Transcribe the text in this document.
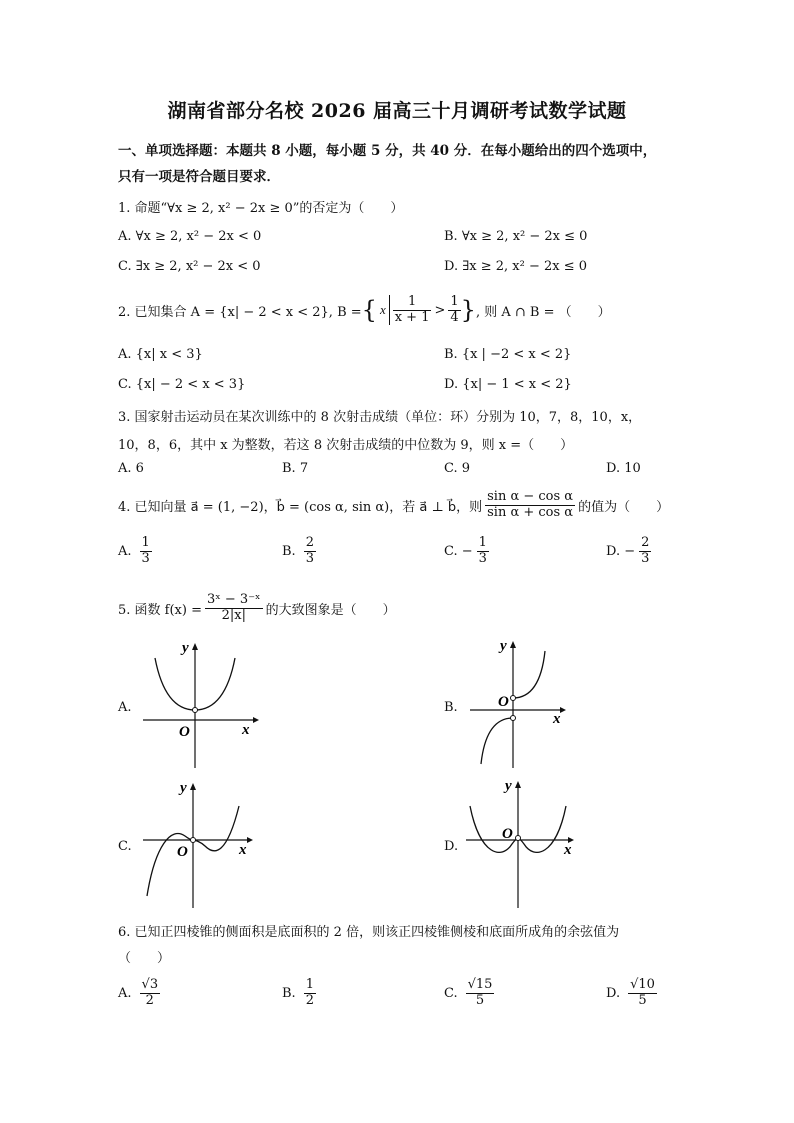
湖南省部分名校 2026 届高三十月调研考试数学试题
一、单项选择题：本题共 8 小题，每小题 5 分，共 40 分．在每小题给出的四个选项中，
只有一项是符合题目要求．
1. 命题“∀x ≥ 2, x² − 2x ≥ 0”的否定为（　　）
A. ∀x ≥ 2, x² − 2x < 0	B. ∀x ≥ 2, x² − 2x ≤ 0
C. ∃x ≥ 2, x² − 2x < 0	D. ∃x ≥ 2, x² − 2x ≤ 0
2. 已知集合 A = {x| − 2 < x < 2}, B = { x $\frac{1}{x + 1} > \frac{1}{4}$ } , 则 A ∩ B = （　　）
A. {x| x < 3}	B. {x | −2 < x < 2}
C. {x| − 2 < x < 3}	D. {x| − 1 < x < 2}
3. 国家射击运动员在某次训练中的 8 次射击成绩（单位：环）分别为 10，7，8，10，x，
10，8，6，其中 x 为整数，若这 8 次射击成绩的中位数为 9，则 x =（　　）
A. 6	B. 7	C. 9	D. 10
4. 已知向量 a⃗ = (1, −2)，b⃗ = (cos α, sin α)，若 a⃗ ⊥ b⃗，则 $\frac{\text{sin α − cos α}}{\text{sin α + cos α}}$ 的值为（　　）
A. $\frac{1}{3}$	B. $\frac{2}{3}$	C. − $\frac{1}{3}$	D. − $\frac{2}{3}$
5. 函数 $f(x) = \frac{\text{3ˣ − 3⁻ˣ}}{2|x|}$ 的大致图象是（　　）
A.	B.
C.	D.
x
y
O
x
y
O
x
y
O	x
y
O
6. 已知正四棱锥的侧面积是底面积的 2 倍，则该正四棱锥侧棱和底面所成角的余弦值为
（　　）
A. $\frac{√3}{2}$	B. $\frac{1}{2}$	C. $\frac{√15}{5}$	D. $\frac{√10}{5}$
